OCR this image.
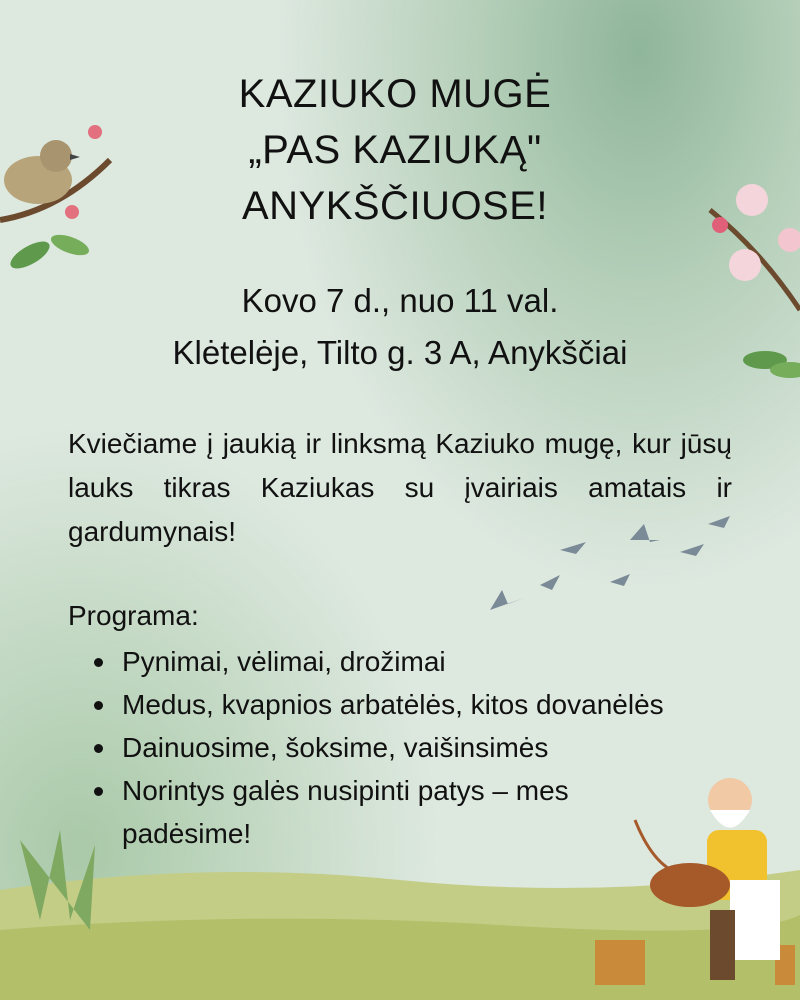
KAZIUKO MUGĖ
„PAS KAZIUKĄ"
ANYKŠČIUOSE!
Kovo 7 d., nuo 11 val.
Klėtelėje, Tilto g. 3 A, Anykščiai

Kviečiame į jaukią ir linksmą Kaziuko mugę, kur jūsų lauks tikras Kaziukas su įvairiais amatais ir gardumynais!

Programa:
Pynimai, vėlimai, drožimai
Medus, kvapnios arbatėlės, kitos dovanėlės
Dainuosime, šoksime, vaišinsimės
Norintys galės nusipinti patys – mes padėsime!
